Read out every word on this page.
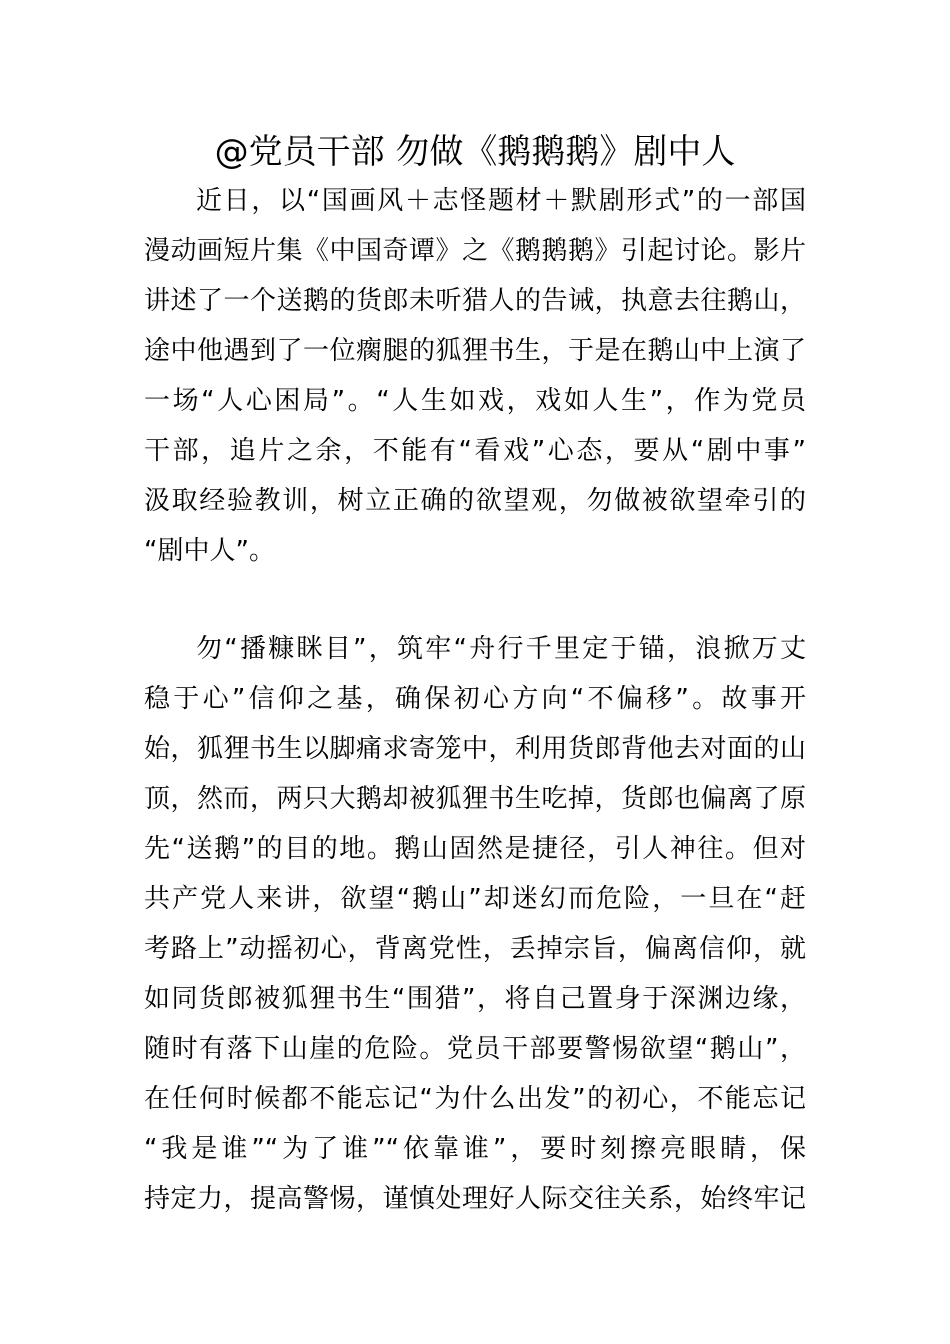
@党员干部 勿做《鹅鹅鹅》剧中人
近日，以“国画风＋志怪题材＋默剧形式”的一部国
漫动画短片集《中国奇谭》之《鹅鹅鹅》引起讨论。影片
讲述了一个送鹅的货郎未听猎人的告诫，执意去往鹅山，
途中他遇到了一位瘸腿的狐狸书生，于是在鹅山中上演了
一场“人心困局”。“人生如戏，戏如人生”，作为党员
干部，追片之余，不能有“看戏”心态，要从“剧中事”
汲取经验教训，树立正确的欲望观，勿做被欲望牵引的
“剧中人”。
勿“播糠眯目”，筑牢“舟行千里定于锚，浪掀万丈
稳于心”信仰之基，确保初心方向“不偏移”。故事开
始，狐狸书生以脚痛求寄笼中，利用货郎背他去对面的山
顶，然而，两只大鹅却被狐狸书生吃掉，货郎也偏离了原
先“送鹅”的目的地。鹅山固然是捷径，引人神往。但对
共产党人来讲，欲望“鹅山”却迷幻而危险，一旦在“赶
考路上”动摇初心，背离党性，丢掉宗旨，偏离信仰，就
如同货郎被狐狸书生“围猎”，将自己置身于深渊边缘，
随时有落下山崖的危险。党员干部要警惕欲望“鹅山”，
在任何时候都不能忘记“为什么出发”的初心，不能忘记
“我是谁”“为了谁”“依靠谁”，要时刻擦亮眼睛，保
持定力，提高警惕，谨慎处理好人际交往关系，始终牢记
